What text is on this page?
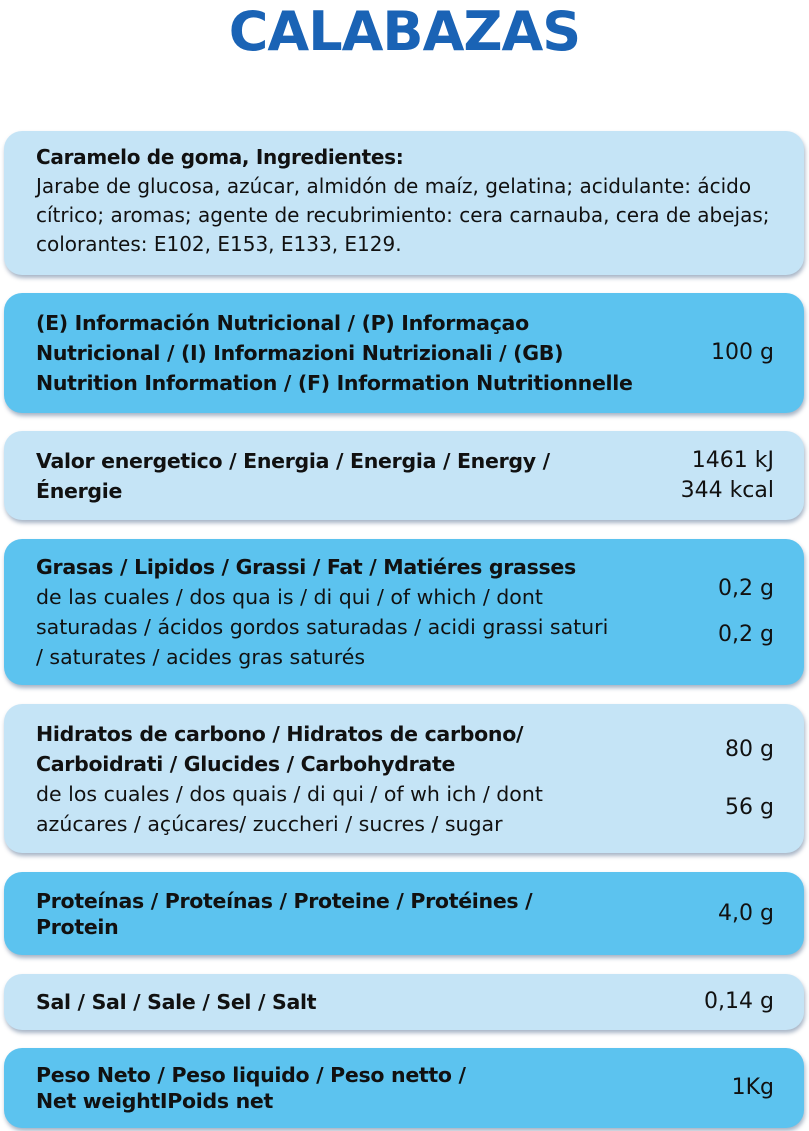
CALABAZAS
Caramelo de goma, Ingredientes:
Jarabe de glucosa, azúcar, almidón de maíz, gelatina; acidulante: ácido
cítrico; aromas; agente de recubrimiento: cera carnauba, cera de abejas;
colorantes: E102, E153, E133, E129.
(E) Información Nutricional / (P) Informaçao
Nutricional / (I) Informazioni Nutrizionali / (GB)
Nutrition Information / (F) Information Nutritionnelle
100 g
Valor energetico / Energia / Energia / Energy /
Énergie
1461 kJ
344 kcal
Grasas / Lipidos / Grassi / Fat / Matiéres grasses
de las cuales / dos qua is / di qui / of which / dont
saturadas / ácidos gordos saturadas / acidi grassi saturi
/ saturates / acides gras saturés
0,2 g
0,2 g
Hidratos de carbono / Hidratos de carbono/
Carboidrati / Glucides / Carbohydrate
de los cuales / dos quais / di qui / of wh ich / dont
azúcares / açúcares/ zuccheri / sucres / sugar
80 g
56 g
Proteínas / Proteínas / Proteine / Protéines /
Protein
4,0 g
Sal / Sal / Sale / Sel / Salt	0,14 g
Peso Neto / Peso liquido / Peso netto /
Net weightIPoids net
1Kg
